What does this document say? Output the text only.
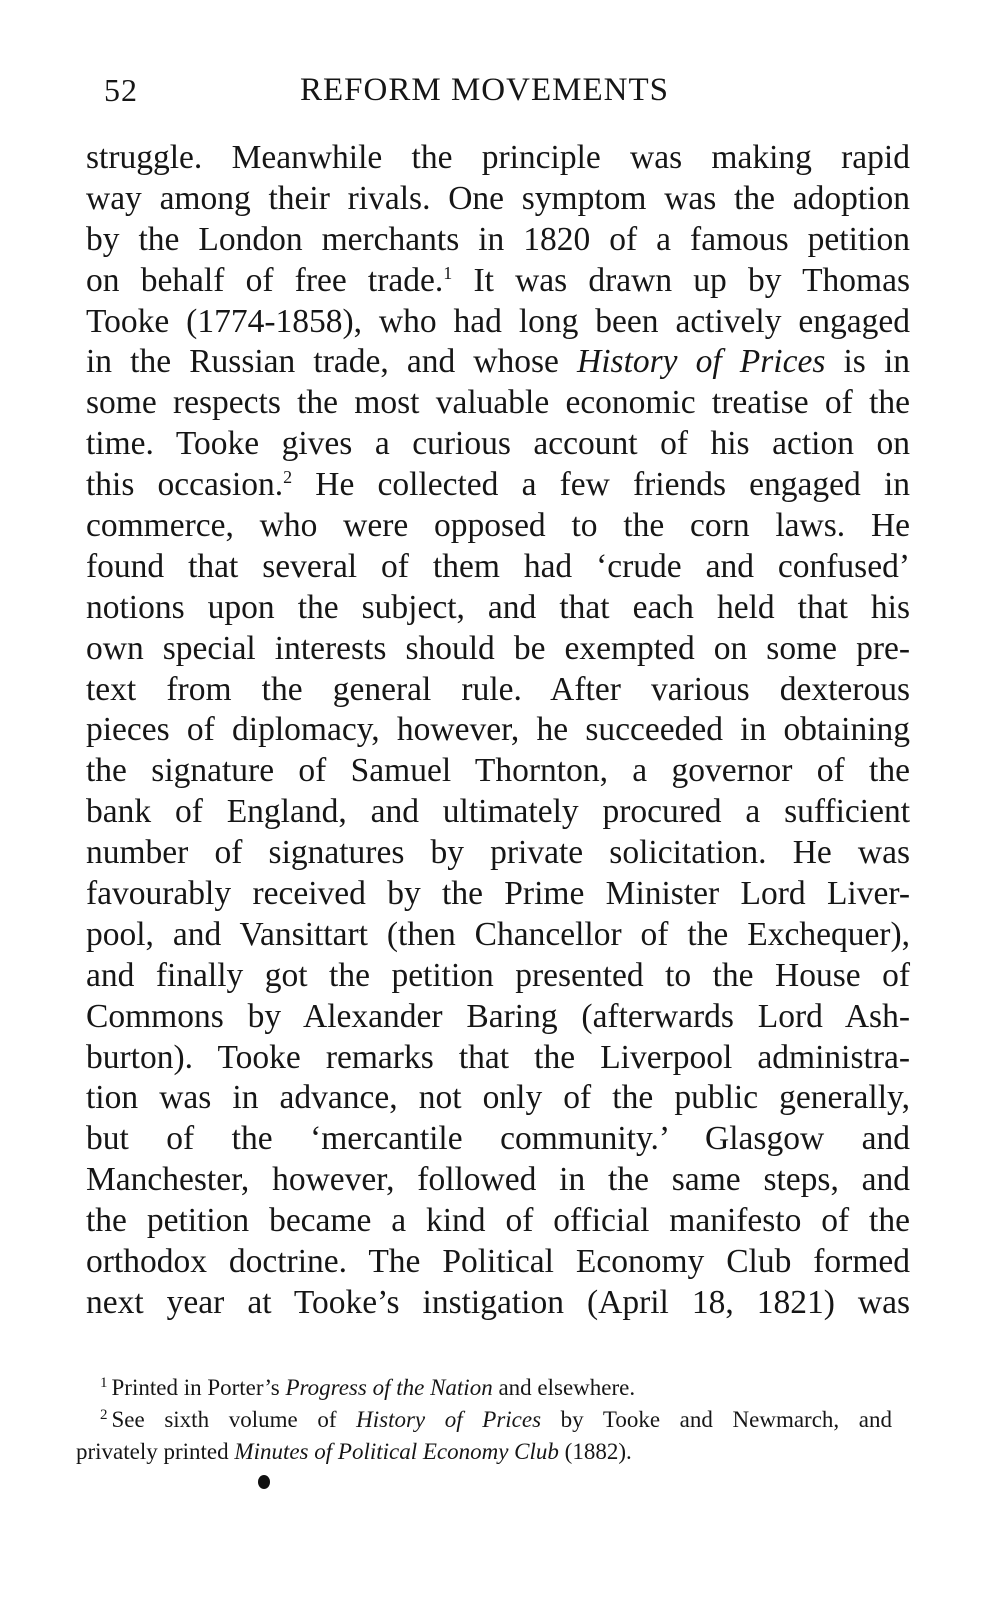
52	REFORM MOVEMENTS
struggle. Meanwhile the principle was making rapid
way among their rivals. One symptom was the adoption
by the London merchants in 1820 of a famous petition
on behalf of free trade.$^1$ It was drawn up by Thomas
Tooke (1774-1858), who had long been actively engaged
in the Russian trade, and whose History of Prices is in
some respects the most valuable economic treatise of the
time. Tooke gives a curious account of his action on
this occasion.$^2$ He collected a few friends engaged in
commerce, who were opposed to the corn laws. He
found that several of them had ‘crude and confused’
notions upon the subject, and that each held that his
own special interests should be exempted on some pre-
text from the general rule. After various dexterous
pieces of diplomacy, however, he succeeded in obtaining
the signature of Samuel Thornton, a governor of the
bank of England, and ultimately procured a sufficient
number of signatures by private solicitation. He was
favourably received by the Prime Minister Lord Liver-
pool, and Vansittart (then Chancellor of the Exchequer),
and finally got the petition presented to the House of
Commons by Alexander Baring (afterwards Lord Ash-
burton). Tooke remarks that the Liverpool administra-
tion was in advance, not only of the public generally,
but of the ‘mercantile community.’ Glasgow and
Manchester, however, followed in the same steps, and
the petition became a kind of official manifesto of the
orthodox doctrine. The Political Economy Club formed
next year at Tooke’s instigation (April 18, 1821) was
$^1$ Printed in Porter’s Progress of the Nation and elsewhere.
$^2$ See sixth volume of History of Prices by Tooke and Newmarch, and
privately printed Minutes of Political Economy Club (1882).
